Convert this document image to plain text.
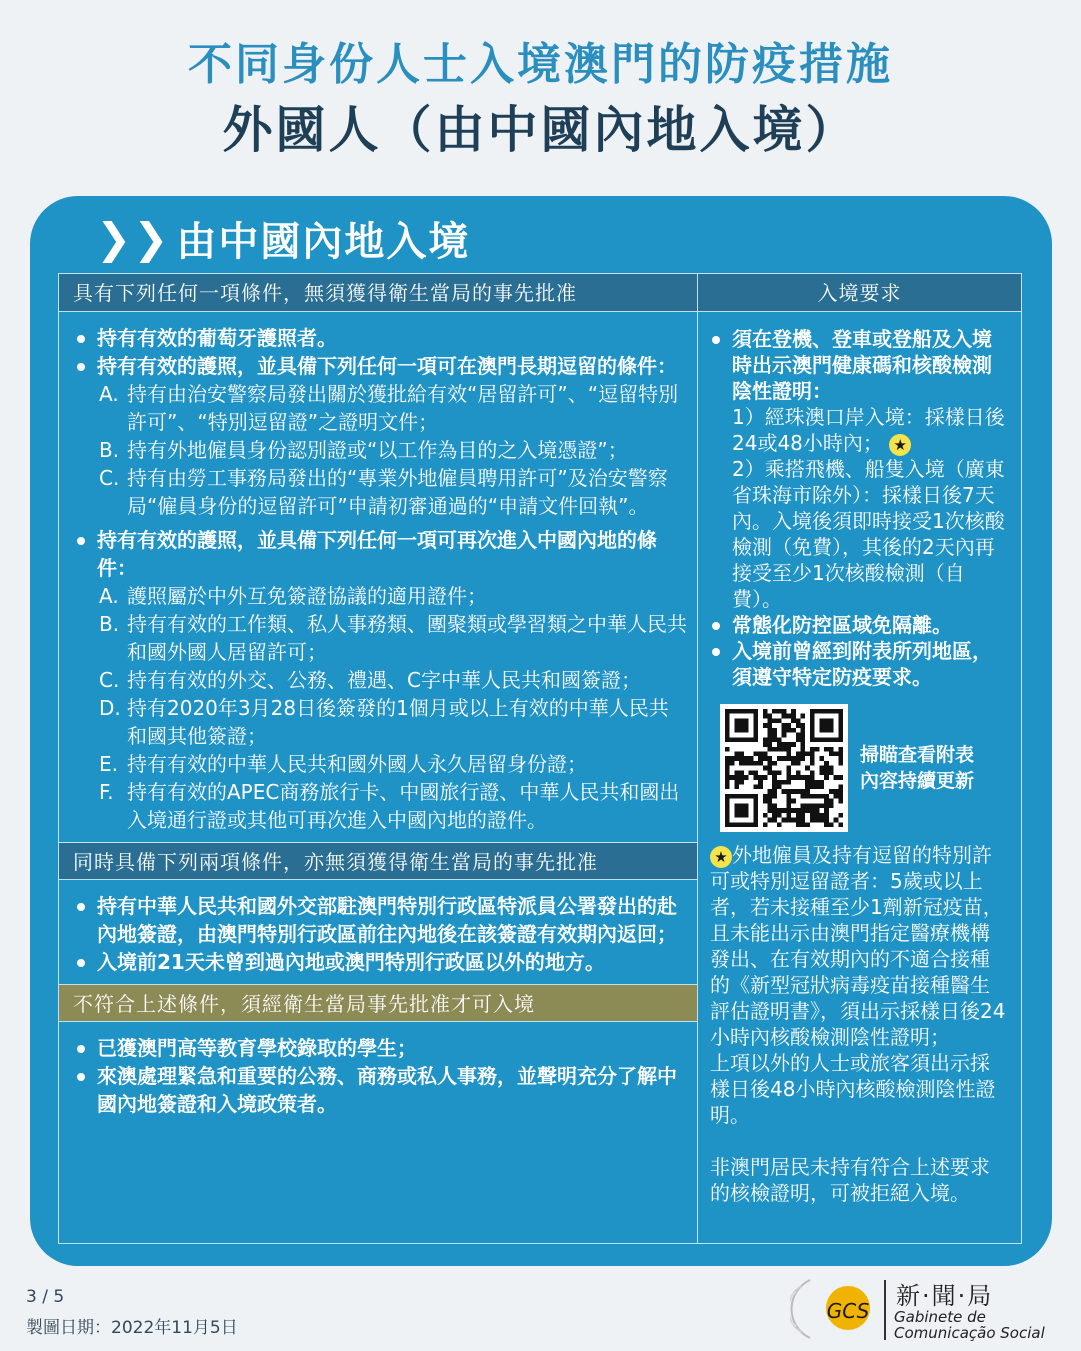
不同身份人士入境澳門的防疫措施
外國人（由中國內地入境）
❯❯ 由中國內地入境
具有下列任何一項條件，無須獲得衛生當局的事先批准
持有有效的葡萄牙護照者。
持有有效的護照，並具備下列任何一項可在澳門長期逗留的條件：
A. 持有由治安警察局發出關於獲批給有效“居留許可”、“逗留特別許可”、“特別逗留證”之證明文件；
B. 持有外地僱員身份認別證或“以工作為目的之入境憑證”；
C. 持有由勞工事務局發出的“專業外地僱員聘用許可”及治安警察局“僱員身份的逗留許可”申請初審通過的“申請文件回執”。
持有有效的護照，並具備下列任何一項可再次進入中國內地的條件：
A. 護照屬於中外互免簽證協議的適用證件；
B. 持有有效的工作類、私人事務類、團聚類或學習類之中華人民共和國外國人居留許可；
C. 持有有效的外交、公務、禮遇、C字中華人民共和國簽證；
D. 持有2020年3月28日後簽發的1個月或以上有效的中華人民共和國其他簽證；
E. 持有有效的中華人民共和國外國人永久居留身份證；
F. 持有有效的APEC商務旅行卡、中國旅行證、中華人民共和國出入境通行證或其他可再次進入中國內地的證件。
同時具備下列兩項條件，亦無須獲得衛生當局的事先批准
持有中華人民共和國外交部駐澳門特別行政區特派員公署發出的赴內地簽證，由澳門特別行政區前往內地後在該簽證有效期內返回；
入境前21天未曾到過內地或澳門特別行政區以外的地方。
不符合上述條件，須經衛生當局事先批准才可入境
已獲澳門高等教育學校錄取的學生；
來澳處理緊急和重要的公務、商務或私人事務，並聲明充分了解中國內地簽證和入境政策者。
入境要求
須在登機、登車或登船及入境時出示澳門健康碼和核酸檢測陰性證明：
1）經珠澳口岸入境：採樣日後24或48小時內； ★
2）乘搭飛機、船隻入境（廣東省珠海市除外）：採樣日後7天內。入境後須即時接受1次核酸檢測（免費），其後的2天內再接受至少1次核酸檢測（自費）。
常態化防控區域免隔離。
入境前曾經到附表所列地區，須遵守特定防疫要求。
掃瞄查看附表
內容持續更新
★ 外地僱員及持有逗留的特別許可或特別逗留證者：5歲或以上者，若未接種至少1劑新冠疫苗，且未能出示由澳門指定醫療機構發出、在有效期內的不適合接種的《新型冠狀病毒疫苗接種醫生評估證明書》，須出示採樣日後24小時內核酸檢測陰性證明；
上項以外的人士或旅客須出示採樣日後48小時內核酸檢測陰性證明。
非澳門居民未持有符合上述要求的核檢證明，可被拒絕入境。
3 / 5
製圖日期：2022年11月5日
GCS
新·聞·局
Gabinete de
Comunicação Social
